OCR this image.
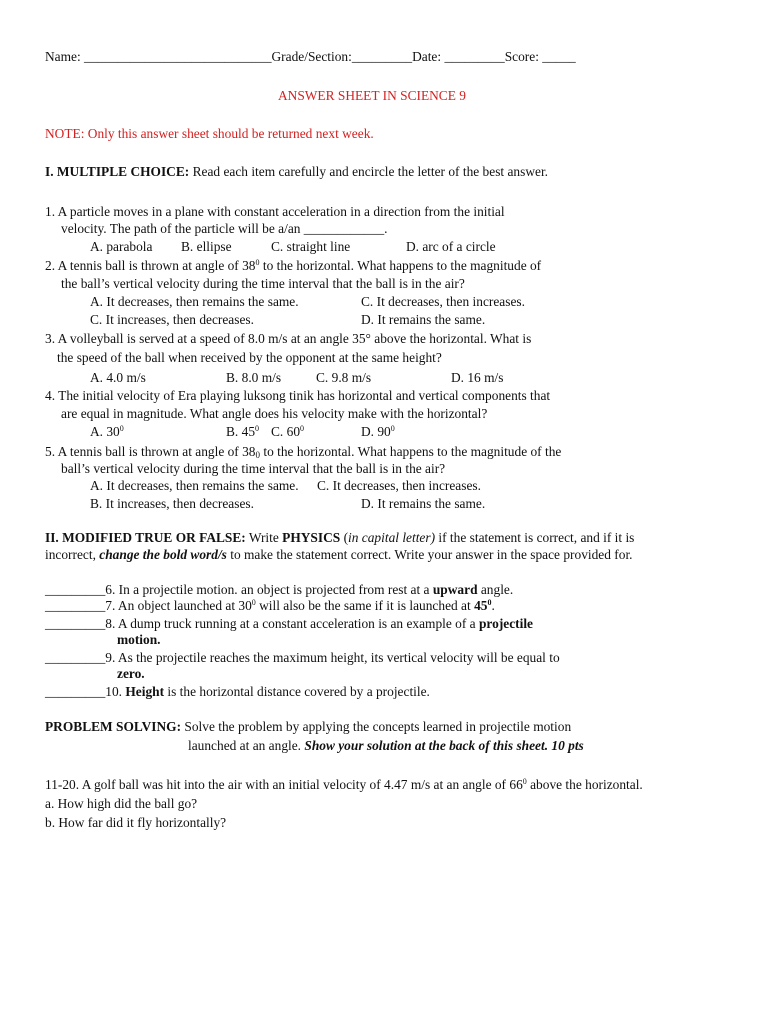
Name: ____________________________Grade/Section:_________Date: _________Score: _____
ANSWER SHEET IN SCIENCE 9
NOTE: Only this answer sheet should be returned next week.
I. MULTIPLE CHOICE: Read each item carefully and encircle the letter of the best answer.
1. A particle moves in a plane with constant acceleration in a direction from the initial
velocity. The path of the particle will be a/an ____________.
A. parabola B. ellipse	C. straight line	D. arc of a circle
2. A tennis ball is thrown at angle of $38^0$ to the horizontal. What happens to the magnitude of
the ball’s vertical velocity during the time interval that the ball is in the air?
A. It decreases, then remains the same.	C. It decreases, then increases.
C. It increases, then decreases.	D. It remains the same.
3. A volleyball is served at a speed of 8.0 m/s at an angle 35° above the horizontal. What is
the speed of the ball when received by the opponent at the same height?
A. 4.0 m/s	B. 8.0 m/s	C. 9.8 m/s	D. 16 m/s
4. The initial velocity of Era playing luksong tinik has horizontal and vertical components that
are equal in magnitude. What angle does his velocity make with the horizontal?
A. $30^0$	B. $45^0$ C. $60^0$	D. $90^0$
5. A tennis ball is thrown at angle of 380 to the horizontal. What happens to the magnitude of the
ball’s vertical velocity during the time interval that the ball is in the air?
A. It decreases, then remains the same. C. It decreases, then increases.
B. It increases, then decreases.	D. It remains the same.
II. MODIFIED TRUE OR FALSE: Write PHYSICS (in capital letter) if the statement is correct, and if it is
incorrect, change the bold word/s to make the statement correct. Write your answer in the space provided for.
_________6. In a projectile motion. an object is projected from rest at a upward angle.
_________7. An object launched at $30^0$ will also be the same if it is launched at $45^0$.
_________8. A dump truck running at a constant acceleration is an example of a projectile
motion.
_________9. As the projectile reaches the maximum height, its vertical velocity will be equal to
zero.
_________10. Height is the horizontal distance covered by a projectile.
PROBLEM SOLVING: Solve the problem by applying the concepts learned in projectile motion
launched at an angle. Show your solution at the back of this sheet. 10 pts
11-20. A golf ball was hit into the air with an initial velocity of 4.47 m/s at an angle of $66^0$ above the horizontal.
a. How high did the ball go?
b. How far did it fly horizontally?
